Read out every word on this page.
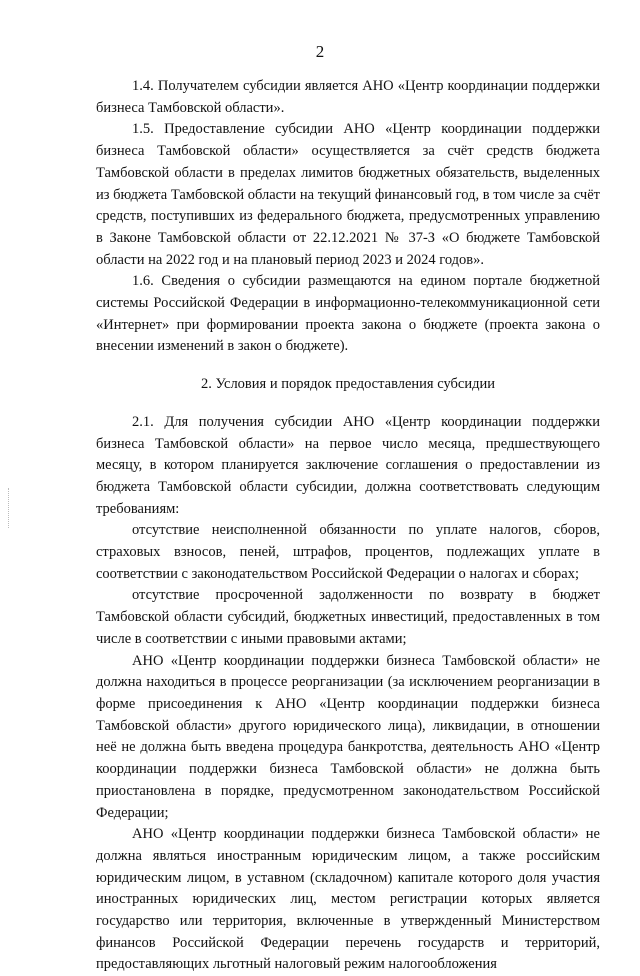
2

1.4. Получателем субсидии является АНО «Центр координации поддержки бизнеса Тамбовской области».

1.5. Предоставление субсидии АНО «Центр координации поддержки бизнеса Тамбовской области» осуществляется за счёт средств бюджета Тамбовской области в пределах лимитов бюджетных обязательств, выделенных из бюджета Тамбовской области на текущий финансовый год, в том числе за счёт средств, поступивших из федерального бюджета, предусмотренных управлению в Законе Тамбовской области от 22.12.2021 № 37-З «О бюджете Тамбовской области на 2022 год и на плановый период 2023 и 2024 годов».

1.6. Сведения о субсидии размещаются на едином портале бюджетной системы Российской Федерации в информационно-телекоммуникационной сети «Интернет» при формировании проекта закона о бюджете (проекта закона о внесении изменений в закон о бюджете).

2. Условия и порядок предоставления субсидии

2.1. Для получения субсидии АНО «Центр координации поддержки бизнеса Тамбовской области» на первое число месяца, предшествующего месяцу, в котором планируется заключение соглашения о предоставлении из бюджета Тамбовской области субсидии, должна соответствовать следующим требованиям:

отсутствие неисполненной обязанности по уплате налогов, сборов, страховых взносов, пеней, штрафов, процентов, подлежащих уплате в соответствии с законодательством Российской Федерации о налогах и сборах;

отсутствие просроченной задолженности по возврату в бюджет Тамбовской области субсидий, бюджетных инвестиций, предоставленных в том числе в соответствии с иными правовыми актами;

АНО «Центр координации поддержки бизнеса Тамбовской области» не должна находиться в процессе реорганизации (за исключением реорганизации в форме присоединения к АНО «Центр координации поддержки бизнеса Тамбовской области» другого юридического лица), ликвидации, в отношении неё не должна быть введена процедура банкротства, деятельность АНО «Центр координации поддержки бизнеса Тамбовской области» не должна быть приостановлена в порядке, предусмотренном законодательством Российской Федерации;

АНО «Центр координации поддержки бизнеса Тамбовской области» не должна являться иностранным юридическим лицом, а также российским юридическим лицом, в уставном (складочном) капитале которого доля участия иностранных юридических лиц, местом регистрации которых является государство или территория, включенные в утвержденный Министерством финансов Российской Федерации перечень государств и территорий, предоставляющих льготный налоговый режим налогообложения
